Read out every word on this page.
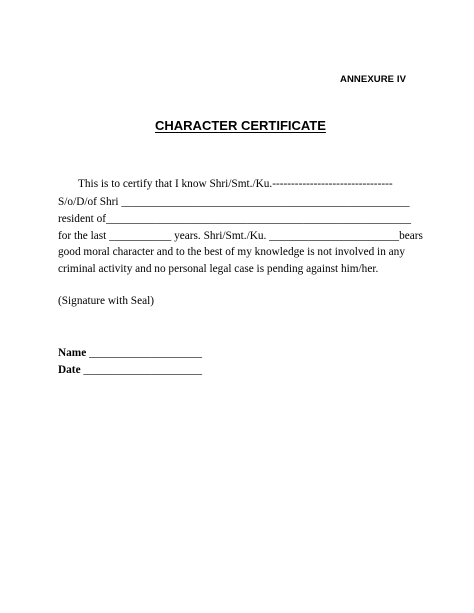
ANNEXURE IV
CHARACTER CERTIFICATE
This is to certify that I know Shri/Smt./Ku.--------------------------------
S/o/D/of Shri ___________________________________________________
resident of______________________________________________________
for the last ___________ years. Shri/Smt./Ku. _______________________bears
good moral character and to the best of my knowledge is not involved in any
criminal activity and no personal legal case is pending against him/her.
(Signature with Seal)
Name ____________________
Date _____________________
